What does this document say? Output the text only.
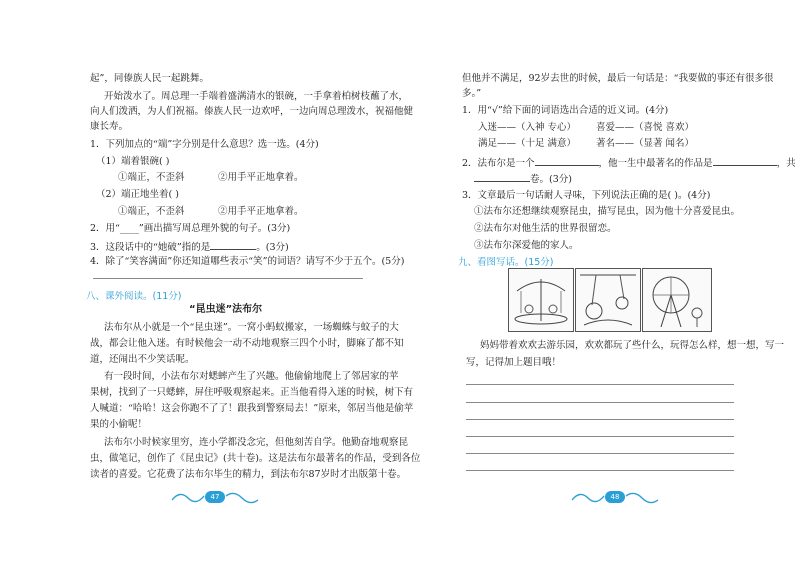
起”，同傣族人民一起跳舞。
开始泼水了。周总理一手端着盛满清水的银碗，一手拿着柏树枝蘸了水，
向人们泼洒，为人们祝福。傣族人民一边欢呼，一边向周总理泼水，祝福他健
康长寿。
1．下列加点的“端”字分别是什么意思？选一选。(4分)
（1）端着银碗( )
①端正，不歪斜	②用手平正地拿着。
（2）端正地坐着( )
①端正，不歪斜	②用手平正地拿着。
2．用“____”画出描写周总理外貌的句子。(3分)
3．这段话中的“她破”指的是	。(3分)
4．除了“笑容满面”你还知道哪些表示“笑”的词语？请写不少于五个。(5分)
八、课外阅读。(11分)
“昆虫迷”法布尔
法布尔从小就是一个“昆虫迷”。一窝小蚂蚁搬家，一场蜘蛛与蚊子的大
战，都会让他入迷。有时候他会一动不动地观察三四个小时，脚麻了都不知
道，还闹出不少笑话呢。
有一段时间，小法布尔对蟋蟀产生了兴趣。他偷偷地爬上了邻居家的苹
果树，找到了一只蟋蟀，屏住呼吸观察起来。正当他看得入迷的时候，树下有
人喊道：“哈哈！这会你跑不了了！跟我到警察局去！”原来，邻居当他是偷苹
果的小偷呢！
法布尔小时候家里穷，连小学都没念完，但他刻苦自学。他勤奋地观察昆
虫，做笔记，创作了《昆虫记》(共十卷)。这是法布尔最著名的作品，受到各位
读者的喜爱。它花费了法布尔毕生的精力，到法布尔87岁时才出版第十卷。
47
但他并不满足，92岁去世的时候，最后一句话是：“我要做的事还有很多很
多。”
1．用“√”给下面的词语选出合适的近义词。(4分)
入迷——（入神 专心） 喜爱——（喜悦 喜欢）
满足——（十足 满意） 著名——（显著 闻名）
2．法布尔是一个	，他一生中最著名的作品是	，共
卷。(3分)
3．文章最后一句话耐人寻味，下列说法正确的是( )。(4分)
①法布尔还想继续观察昆虫，描写昆虫，因为他十分喜爱昆虫。
②法布尔对他生活的世界很留恋。
③法布尔深爱他的家人。
九、看图写话。(15分)
妈妈带着欢欢去游乐园，欢欢都玩了些什么，玩得怎么样，想一想，写一
写，记得加上题目哦！
48
